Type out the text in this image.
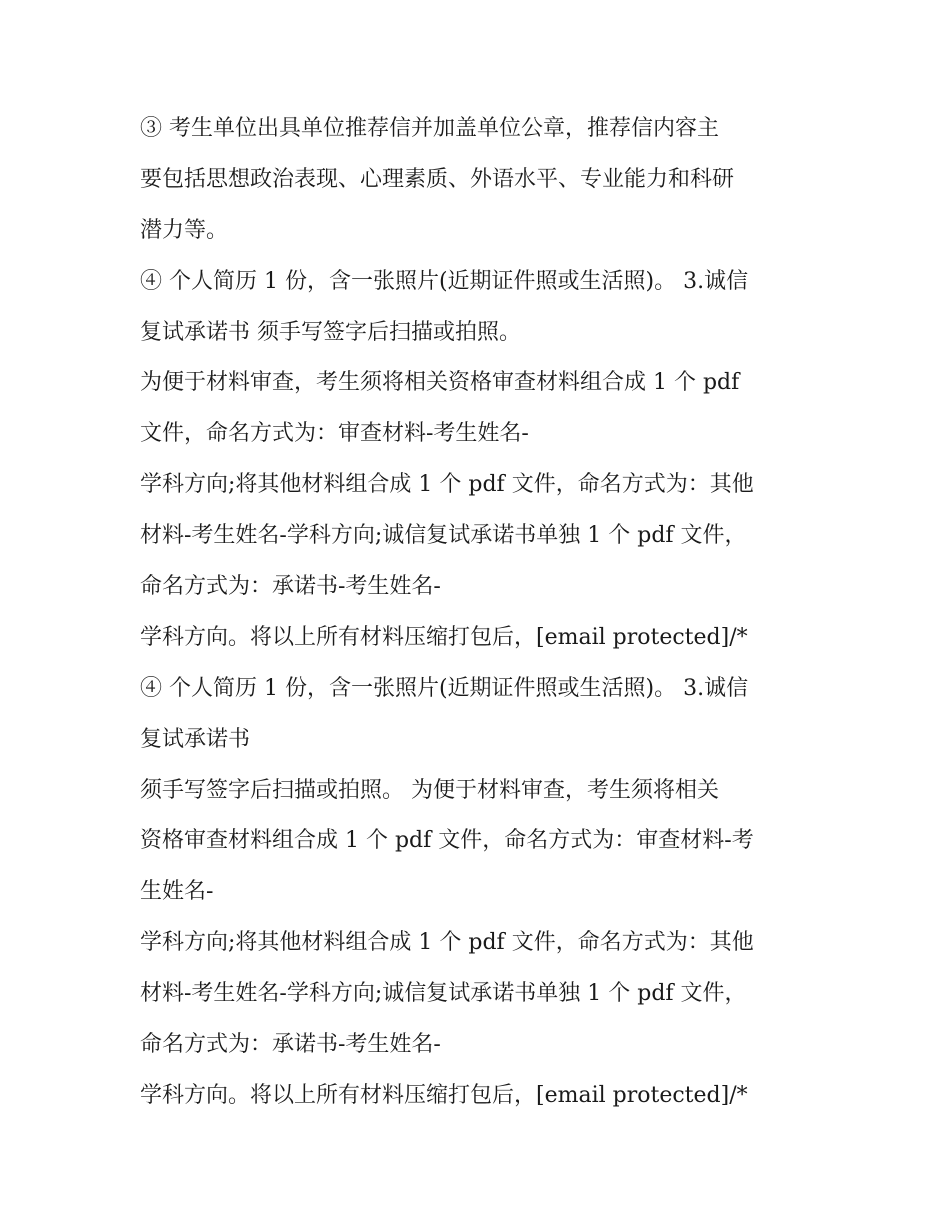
③ 考生单位出具单位推荐信并加盖单位公章，推荐信内容主
要包括思想政治表现、心理素质、外语水平、专业能力和科研
潜力等。
④ 个人简历 1 份，含一张照片(近期证件照或生活照)。 3.诚信
复试承诺书 须手写签字后扫描或拍照。
为便于材料审查，考生须将相关资格审查材料组合成 1 个 pdf
文件，命名方式为：审查材料-考生姓名-
学科方向;将其他材料组合成 1 个 pdf 文件，命名方式为：其他
材料-考生姓名-学科方向;诚信复试承诺书单独 1 个 pdf 文件，
命名方式为：承诺书-考生姓名-
学科方向。将以上所有材料压缩打包后，[email protected]/*
④ 个人简历 1 份，含一张照片(近期证件照或生活照)。 3.诚信
复试承诺书
须手写签字后扫描或拍照。 为便于材料审查，考生须将相关
资格审查材料组合成 1 个 pdf 文件，命名方式为：审查材料-考
生姓名-
学科方向;将其他材料组合成 1 个 pdf 文件，命名方式为：其他
材料-考生姓名-学科方向;诚信复试承诺书单独 1 个 pdf 文件，
命名方式为：承诺书-考生姓名-
学科方向。将以上所有材料压缩打包后，[email protected]/*
